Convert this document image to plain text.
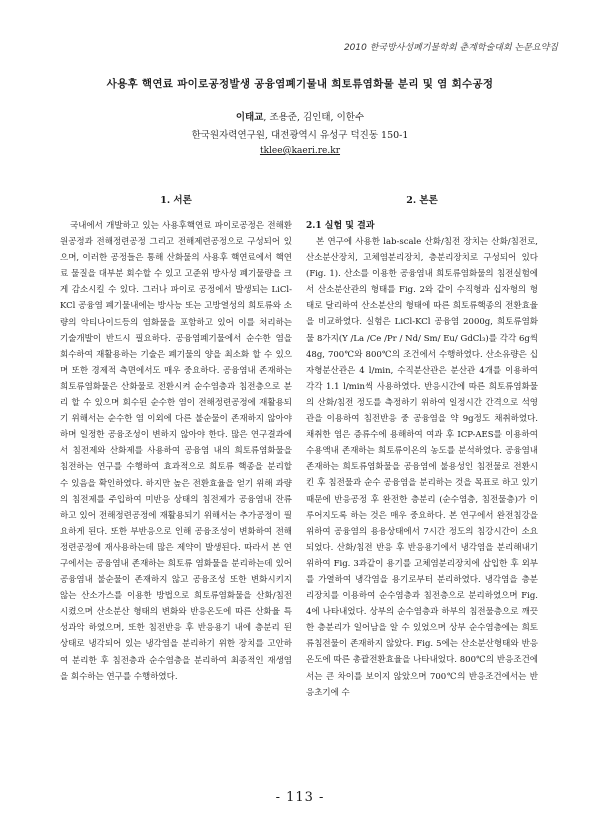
2010 한국방사성폐기물학회 춘계학술대회 논문요약집
사용후 핵연료 파이로공정발생 공융염폐기물내 희토류염화물 분리 및 염 회수공정
이태교, 조용준, 김인태, 이한수
한국원자력연구원, 대전광역시 유성구 덕진동 150-1
tklee@kaeri.re.kr
1. 서론	2. 본론

국내에서 개발하고 있는 사용후핵연료 파이로공정은 전해환원공정과 전해정련공정 그리고 전해제련공정으로 구성되어 있으며, 이러한 공정들은 통해 산화물의 사용후 핵연료에서 핵연료 물질을 대부분 회수할 수 있고 고준위 방사성 폐기물량을 크게 감소시킬 수 있다. 그러나 파이로 공정에서 발생되는 LiCl-KCl 공융염 폐기물내에는 방사능 또는 고방열성의 희토류와 소량의 악티나이드등의 염화물을 포함하고 있어 이를 처리하는 기술개발이 반드시 필요하다. 공융염폐기물에서 순수한 염을 회수하여 재활용하는 기술은 폐기물의 양을 최소화 할 수 있으며 또한 경제적 측면에서도 매우 중요하다. 공융염내 존재하는 희토류염화물은 산화물로 전환시켜 순수염층과 침전층으로 분리 할 수 있으며 회수된 순수한 염이 전해정련공정에 재활용되기 위해서는 순수한 염 이외에 다른 불순물이 존재하지 않아야 하며 일정한 공융조성이 변하지 않아야 한다. 많은 연구결과에서 침전제와 산화제를 사용하여 공융염 내의 희토류염화물을 침전하는 연구를 수행하여 효과적으로 희토류 핵종을 분리할 수 있음을 확인하였다. 하지만 높은 전환효율을 얻기 위해 과량의 침전제를 주입하여 미반응 상태의 침전제가 공융염내 잔류하고 있어 전해정련공정에 재활용되기 위해서는 추가공정이 필요하게 된다. 또한 부반응으로 인해 공융조성이 변화하여 전해정련공정에 재사용하는데 많은 제약이 발생된다. 따라서 본 연구에서는 공융염내 존재하는 희토류 염화물을 분리하는데 있어 공융염내 불순물이 존재하지 않고 공융조성 또한 변화시키지 않는 산소가스를 이용한 방법으로 희토류염화물을 산화/침전 시켰으며 산소분산 형태의 변화와 반응온도에 따른 산화율 특성과악 하였으며, 또한 침전반응 후 반응용기 내에 층분리 된 상태로 냉각되어 있는 냉각염을 분리하기 위한 장치를 고안하여 분리한 후 침전층과 순수염층을 분리하여 최종적인 재생염을 회수하는 연구를 수행하였다.

2.1 실험 및 결과

본 연구에 사용한 lab-scale 산화/침전 장치는 산화/침전로, 산소분산장치, 고체염분리장치, 층분리장치로 구성되어 있다(Fig. 1). 산소를 이용한 공융염내 희토류염화물의 침전실험에서 산소분산관의 형태를 Fig. 2와 같이 수직형과 십자형의 형태로 달리하여 산소분산의 형태에 따른 희토류핵종의 전환효율을 비교하였다. 실험은 LiCl-KCl 공융염 2000g, 희토류염화물 8가지(Y /La /Ce /Pr / Nd/ Sm/ Eu/ GdCl₃)를 각각 6g씩 48g, 700℃와 800℃의 조건에서 수행하였다. 산소유량은 십자형분산관은 4 l/min, 수직분산관은 분산관 4개를 이용하여 각각 1.1 l/min씩 사용하였다. 반응시간에 따른 희토류염화물의 산화/침전 정도를 측정하기 위하여 일정시간 간격으로 석영관을 이용하여 침전반응 중 공융염을 약 9g정도 채취하였다. 채취한 염은 증류수에 용해하여 여과 후 ICP-AES를 이용하여 수용액내 존재하는 희토류이온의 농도를 분석하였다. 공융염내 존재하는 희토류염화물을 공융염에 불용성인 침전물로 전환시킨 후 침전물과 순수 공융염을 분리하는 것을 목표로 하고 있기 때문에 반응공정 후 완전한 층분리 (순수염층, 침전물층)가 이루어지도록 하는 것은 매우 중요하다. 본 연구에서 완전침강을 위하여 공융염의 용융상태에서 7시간 정도의 침강시간이 소요되었다. 산화/침전 반응 후 반응용기에서 냉각염을 분리해내기 위하여 Fig. 3과같이 용기를 고체염분리장치에 삽입한 후 외부를 가열하여 냉각염을 용기로부터 분리하였다. 냉각염을 층분리장치를 이용하여 순수염층과 침전층으로 분리하였으며 Fig. 4에 나타내었다. 상부의 순수염층과 하부의 침전물층으로 깨끗한 층분리가 일어남을 알 수 있었으며 상부 순수염층에는 희토류침전물이 존재하지 않았다. Fig. 5에는 산소분산형태와 반응 온도에 따른 총괄전환효율을 나타내었다. 800℃의 반응조건에서는 큰 차이를 보이지 않았으며 700℃의 반응조건에서는 반응초기에 수

- 113 -
